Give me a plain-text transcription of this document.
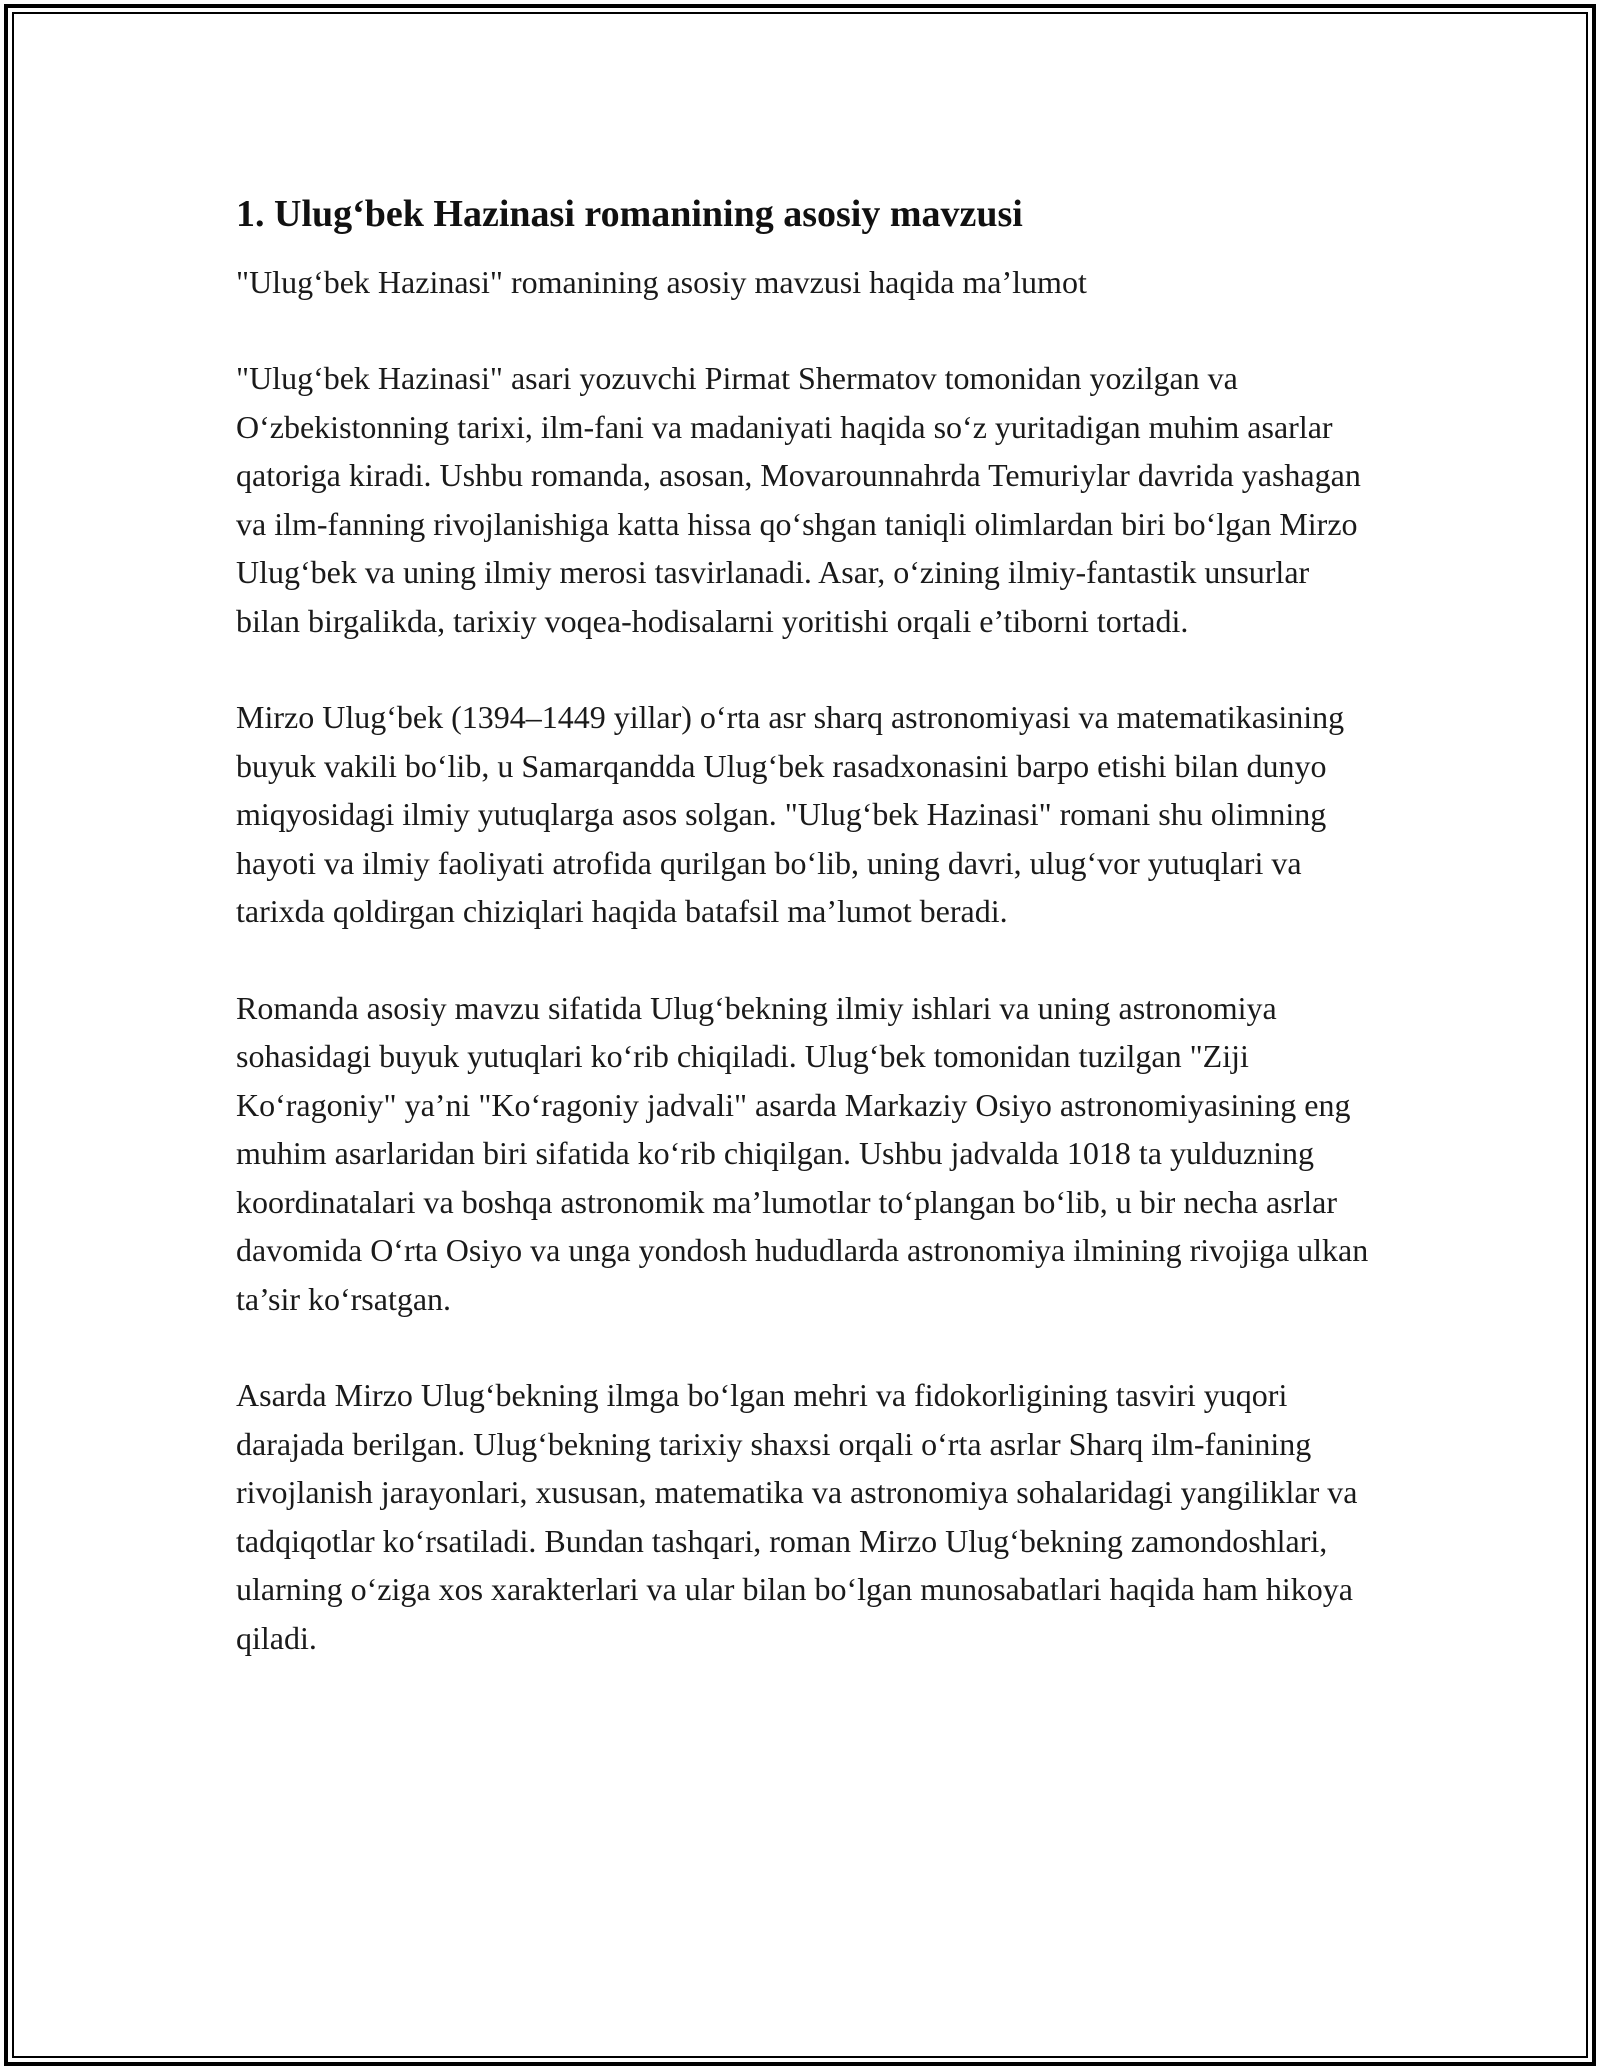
1. Ulug‘bek Hazinasi romanining asosiy mavzusi

"Ulug‘bek Hazinasi" romanining asosiy mavzusi haqida ma’lumot

"Ulug‘bek Hazinasi" asari yozuvchi Pirmat Shermatov tomonidan yozilgan va O‘zbekistonning tarixi, ilm-fani va madaniyati haqida so‘z yuritadigan muhim asarlar qatoriga kiradi. Ushbu romanda, asosan, Movarounnahrda Temuriylar davrida yashagan va ilm-fanning rivojlanishiga katta hissa qo‘shgan taniqli olimlardan biri bo‘lgan Mirzo Ulug‘bek va uning ilmiy merosi tasvirlanadi. Asar, o‘zining ilmiy-fantastik unsurlar bilan birgalikda, tarixiy voqea-hodisalarni yoritishi orqali e’tiborni tortadi.

Mirzo Ulug‘bek (1394–1449 yillar) o‘rta asr sharq astronomiyasi va matematikasining buyuk vakili bo‘lib, u Samarqandda Ulug‘bek rasadxonasini barpo etishi bilan dunyo miqyosidagi ilmiy yutuqlarga asos solgan. "Ulug‘bek Hazinasi" romani shu olimning hayoti va ilmiy faoliyati atrofida qurilgan bo‘lib, uning davri, ulug‘vor yutuqlari va tarixda qoldirgan chiziqlari haqida batafsil ma’lumot beradi.

Romanda asosiy mavzu sifatida Ulug‘bekning ilmiy ishlari va uning astronomiya sohasidagi buyuk yutuqlari ko‘rib chiqiladi. Ulug‘bek tomonidan tuzilgan "Ziji Ko‘ragoniy" ya’ni "Ko‘ragoniy jadvali" asarda Markaziy Osiyo astronomiyasining eng muhim asarlaridan biri sifatida ko‘rib chiqilgan. Ushbu jadvalda 1018 ta yulduzning koordinatalari va boshqa astronomik ma’lumotlar to‘plangan bo‘lib, u bir necha asrlar davomida O‘rta Osiyo va unga yondosh hududlarda astronomiya ilmining rivojiga ulkan ta’sir ko‘rsatgan.

Asarda Mirzo Ulug‘bekning ilmga bo‘lgan mehri va fidokorligining tasviri yuqori darajada berilgan. Ulug‘bekning tarixiy shaxsi orqali o‘rta asrlar Sharq ilm-fanining rivojlanish jarayonlari, xususan, matematika va astronomiya sohalaridagi yangiliklar va tadqiqotlar ko‘rsatiladi. Bundan tashqari, roman Mirzo Ulug‘bekning zamondoshlari, ularning o‘ziga xos xarakterlari va ular bilan bo‘lgan munosabatlari haqida ham hikoya qiladi.
